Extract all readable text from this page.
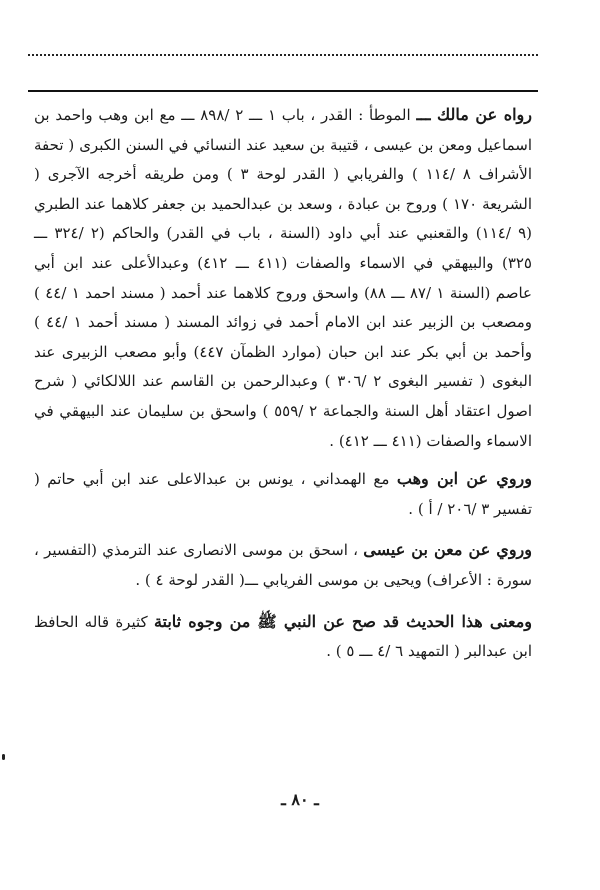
رواه عن مالك ـــ الموطأ : القدر ، باب ١ ـــ ٢ /٨٩٨ ـــ مع ابن وهب واحمد بن اسماعيل ومعن بن عيسى ، قتيبة بن سعيد عند النسائي في السنن الكبرى ( تحفة الأشراف ٨ /١١٤ ) والفريابي ( القدر لوحة ٣ ) ومن طريقه أخرجه الآجرى ( الشريعة ١٧٠ ) وروح بن عبادة ، وسعد بن عبدالحميد بن جعفر كلاهما عند الطبري (٩ /١١٤) والقعنبي عند أبي داود (السنة ، باب في القدر) والحاكم (٢ /٣٢٤ ـــ ٣٢٥) والبيهقي في الاسماء والصفات (٤١١ ـــ ٤١٢) وعبدالأعلى عند ابن أبي عاصم (السنة ١ /٨٧ ـــ ٨٨) واسحق وروح كلاهما عند أحمد ( مسند احمد ١ /٤٤ ) ومصعب بن الزبير عند ابن الامام أحمد في زوائد المسند ( مسند أحمد ١ /٤٤ ) وأحمد بن أبي بكر عند ابن حبان (موارد الظمآن ٤٤٧) وأبو مصعب الزبيرى عند البغوى ( تفسير البغوى ٢ /٣٠٦ ) وعبدالرحمن بن القاسم عند اللالكائي ( شرح اصول اعتقاد أهل السنة والجماعة ٢ /٥٥٩ ) واسحق بن سليمان عند البيهقي في الاسماء والصفات (٤١١ ـــ ٤١٢) .

وروي عن ابن وهب مع الهمداني ، يونس بن عبدالاعلى عند ابن أبي حاتم ( تفسير ٣ /٢٠٦ / أ ) .

وروي عن معن بن عيسى ، اسحق بن موسى الانصارى عند الترمذي (التفسير ، سورة : الأعراف) ويحيى بن موسى الفريابي ـــ( القدر لوحة ٤ ) .

ومعنى هذا الحديث قد صح عن النبي ﷺ من وجوه ثابتة كثيرة قاله الحافظ ابن عبدالبر ( التمهيد ٦ /٤ ـــ ٥ ) .

ـ ٨٠ ـ
